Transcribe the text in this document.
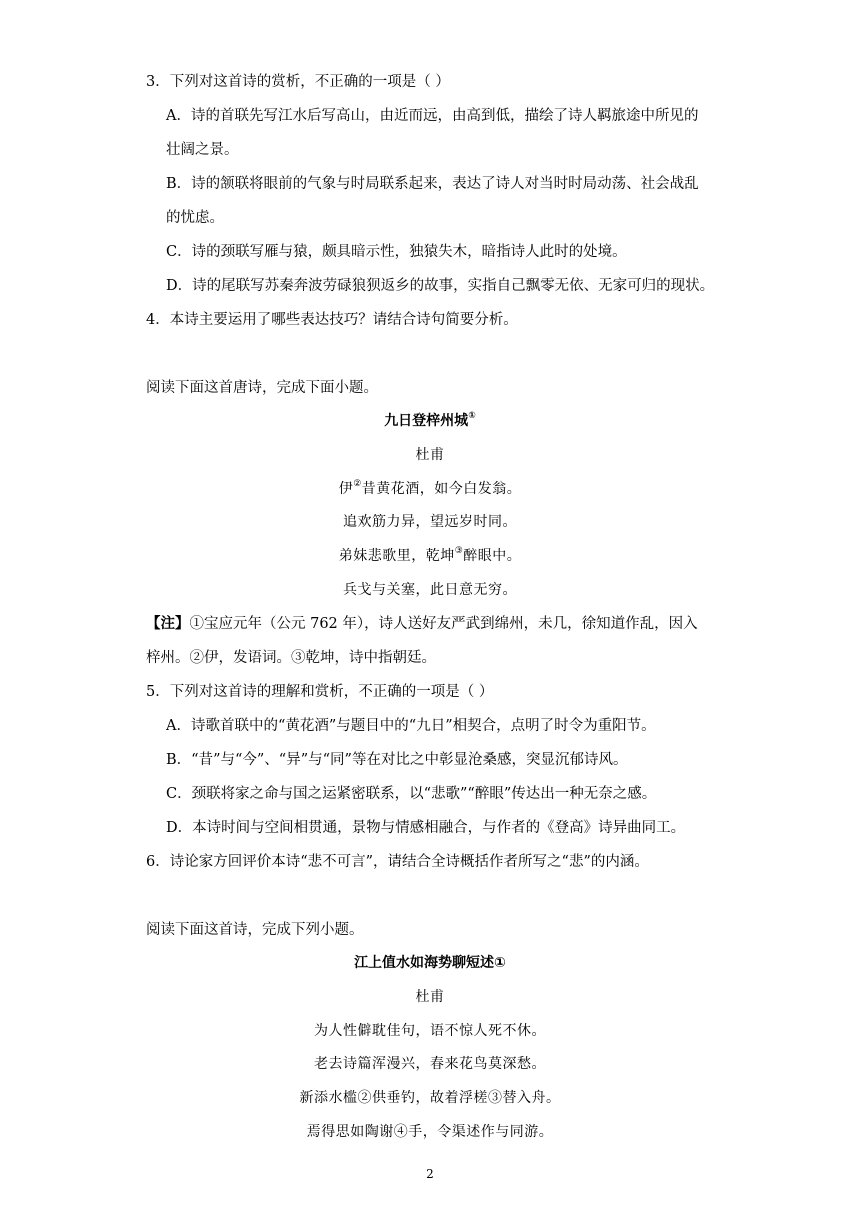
3．下列对这首诗的赏析，不正确的一项是（ ）
A．诗的首联先写江水后写高山，由近而远，由高到低，描绘了诗人羁旅途中所见的
壮阔之景。
B．诗的颔联将眼前的气象与时局联系起来，表达了诗人对当时时局动荡、社会战乱
的忧虑。
C．诗的颈联写雁与猿，颇具暗示性，独猿失木，暗指诗人此时的处境。
D．诗的尾联写苏秦奔波劳碌狼狈返乡的故事，实指自己飘零无依、无家可归的现状。
4．本诗主要运用了哪些表达技巧？请结合诗句简要分析。
阅读下面这首唐诗，完成下面小题。
九日登梓州城①
杜甫
伊②昔黄花酒，如今白发翁。
追欢筋力异，望远岁时同。
弟妹悲歌里，乾坤③醉眼中。
兵戈与关塞，此日意无穷。
【注】①宝应元年（公元 762 年），诗人送好友严武到绵州，未几，徐知道作乱，因入
梓州。②伊，发语词。③乾坤，诗中指朝廷。
5．下列对这首诗的理解和赏析，不正确的一项是（ ）
A．诗歌首联中的“黄花酒”与题目中的“九日”相契合，点明了时令为重阳节。
B．“昔”与“今”、“异”与“同”等在对比之中彰显沧桑感，突显沉郁诗风。
C．颈联将家之命与国之运紧密联系，以“悲歌”“醉眼”传达出一种无奈之感。
D．本诗时间与空间相贯通，景物与情感相融合，与作者的《登高》诗异曲同工。
6．诗论家方回评价本诗“悲不可言”，请结合全诗概括作者所写之“悲”的内涵。
阅读下面这首诗，完成下列小题。
江上值水如海势聊短述①
杜甫
为人性僻耽佳句，语不惊人死不休。
老去诗篇浑漫兴，春来花鸟莫深愁。
新添水槛②供垂钓，故着浮槎③替入舟。
焉得思如陶谢④手，令渠述作与同游。
2
